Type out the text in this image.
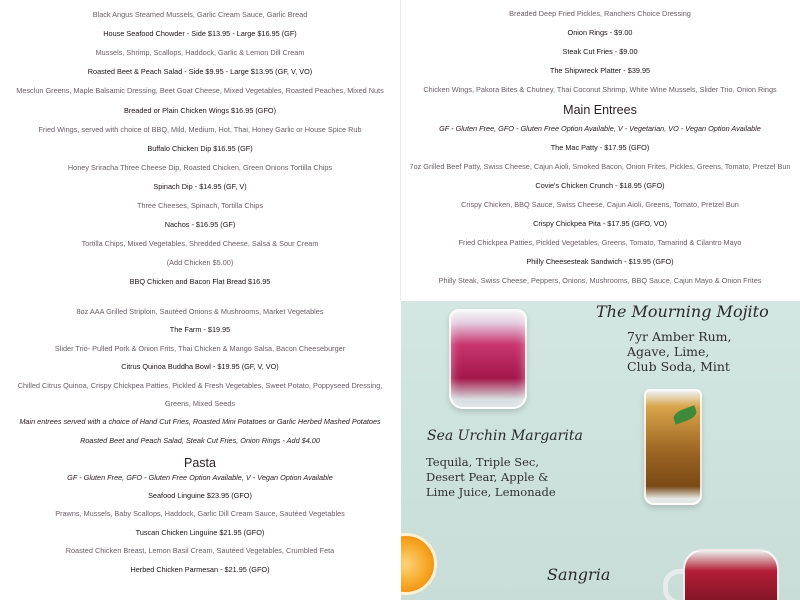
Black Angus Steamed Mussels, Garlic Cream Sauce, Garlic Bread
House Seafood Chowder - Side $13.95 - Large $16.95 (GF)
Mussels, Shrimp, Scallops, Haddock, Garlic & Lemon Dill Cream
Roasted Beet & Peach Salad - Side $9.95 - Large $13.95 (GF, V, VO)
Mesclun Greens, Maple Balsamic Dressing, Beet Goat Cheese, Mixed Vegetables, Roasted Peaches, Mixed Nuts
Breaded or Plain Chicken Wings $16.95 (GFO)
Fried Wings, served with choice of BBQ, Mild, Medium, Hot, Thai, Honey Garlic or House Spice Rub
Buffalo Chicken Dip $16.95 (GF)
Honey Sriracha Three Cheese Dip, Roasted Chicken, Green Onions Tortilla Chips
Spinach Dip - $14.95 (GF, V)
Three Cheeses, Spinach, Tortilla Chips
Nachos - $16.95 (GF)
Tortilla Chips, Mixed Vegetables, Shredded Cheese, Salsa & Sour Cream
(Add Chicken $5.00)
BBQ Chicken and Bacon Flat Bread $16.95
8oz AAA Grilled Striploin, Sautéed Onions & Mushrooms, Market Vegetables
The Farm - $19.95
Slider Trio- Pulled Pork & Onion Frits, Thai Chicken & Mango Salsa, Bacon Cheeseburger
Citrus Quinoa Buddha Bowl - $19.95 (GF, V, VO)
Chilled Citrus Quinoa, Crispy Chickpea Patties, Pickled & Fresh Vegetables, Sweet Potato, Poppyseed Dressing,
Greens, Mixed Seeds
Main entrees served with a choice of Hand Cut Fries, Roasted Mini Potatoes or Garlic Herbed Mashed Potatoes
Roasted Beet and Peach Salad, Steak Cut Fries, Onion Rings - Add $4.00
Pasta
GF - Gluten Free, GFO - Gluten Free Option Available, V - Vegan Option Available
Seafood Linguine $23.95 (GFO)
Prawns, Mussels, Baby Scallops, Haddock, Garlic Dill Cream Sauce, Sautéed Vegetables
Tuscan Chicken Linguine $21.95 (GFO)
Roasted Chicken Breast, Lemon Basil Cream, Sautéed Vegetables, Crumbled Feta
Herbed Chicken Parmesan - $21.95 (GFO)
Breaded Deep Fried Pickles, Ranchers Choice Dressing
Onion Rings - $9.00
Steak Cut Fries - $9.00
The Shipwreck Platter - $39.95
Chicken Wings, Pakora Bites & Chutney, Thai Coconut Shrimp, White Wine Mussels, Slider Trio, Onion Rings
Main Entrees
GF - Gluten Free, GFO - Gluten Free Option Available, V - Vegetarian, VO - Vegan Option Available
The Mac Patty - $17.95 (GFO)
7oz Grilled Beef Patty, Swiss Cheese, Cajun Aioli, Smoked Bacon, Onion Frites, Pickles, Greens, Tomato, Pretzel Bun
Covie's Chicken Crunch - $18.95 (GFO)
Crispy Chicken, BBQ Sauce, Swiss Cheese, Cajun Aioli, Greens, Tomato, Pretzel Bun
Crispy Chickpea Pita - $17.95 (GFO, VO)
Fried Chickpea Patties, Pickled Vegetables, Greens, Tomato, Tamarind & Cilantro Mayo
Philly Cheesesteak Sandwich - $19.95 (GFO)
Philly Steak, Swiss Cheese, Peppers, Onions, Mushrooms, BBQ Sauce, Cajun Mayo & Onion Frites
The Mourning Mojito
7yr Amber Rum,
Agave, Lime,
Club Soda, Mint
Sea Urchin Margarita
Tequila, Triple Sec,
Desert Pear, Apple &
Lime Juice, Lemonade
Sangria
